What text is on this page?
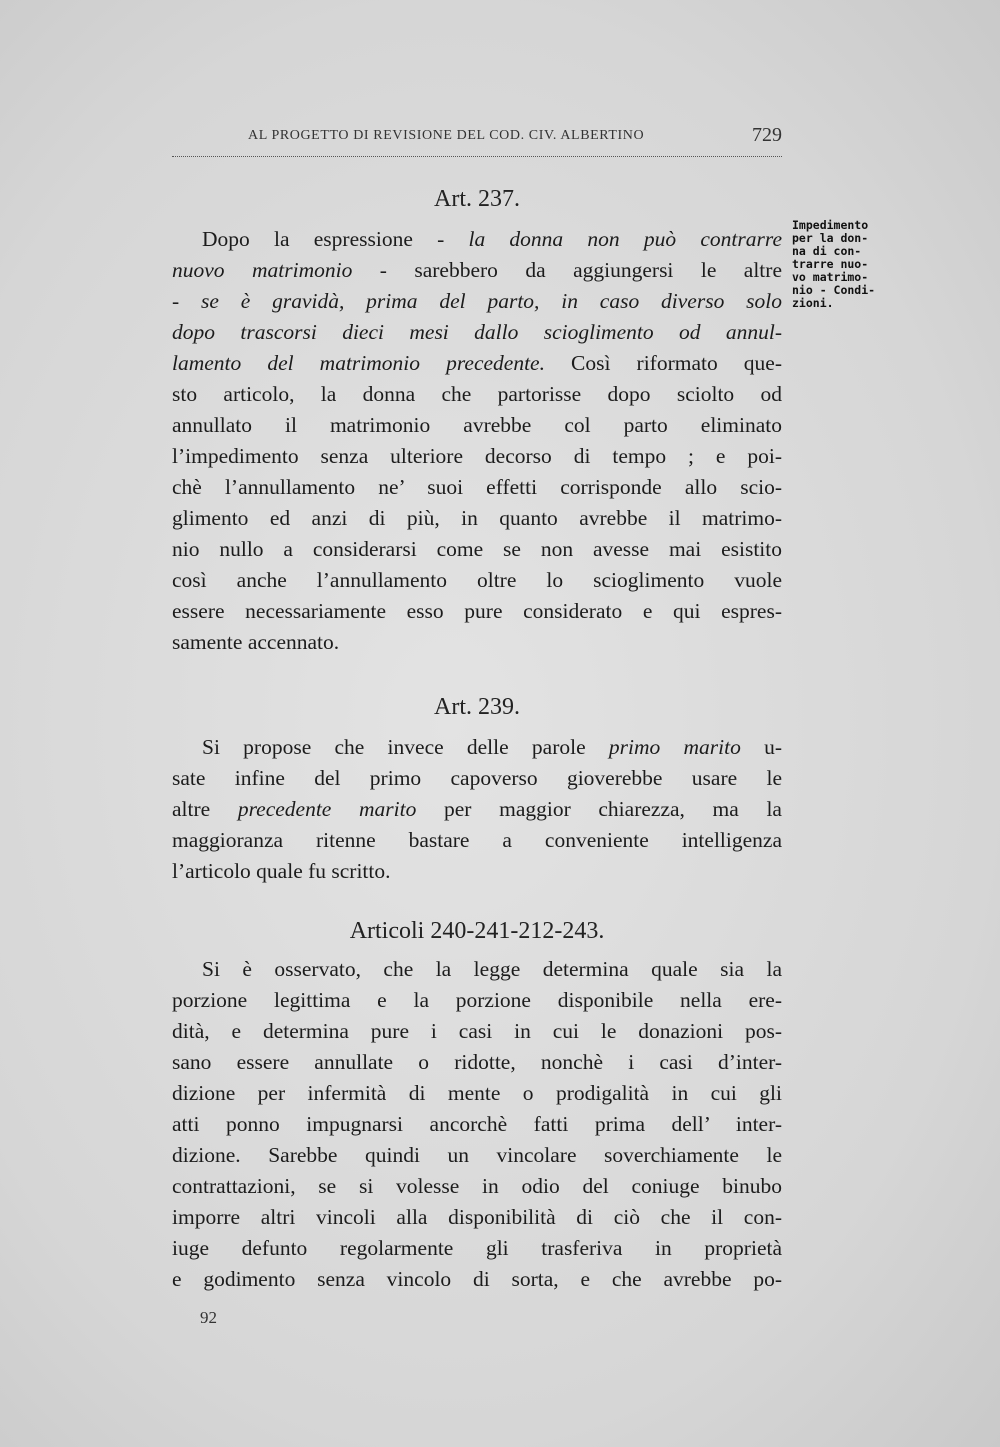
AL PROGETTO DI REVISIONE DEL COD. CIV. ALBERTINO	729
Art. 237.
Dopo la espressione - la donna non può contrarre
nuovo matrimonio - sarebbero da aggiungersi le altre
- se è gravidà, prima del parto, in caso diverso solo
dopo trascorsi dieci mesi dallo scioglimento od annul-
lamento del matrimonio precedente. Così riformato que-
sto articolo, la donna che partorisse dopo sciolto od
annullato il matrimonio avrebbe col parto eliminato
l’impedimento senza ulteriore decorso di tempo ; e poi-
chè l’annullamento ne’ suoi effetti corrisponde allo scio-
glimento ed anzi di più, in quanto avrebbe il matrimo-
nio nullo a considerarsi come se non avesse mai esistito
così anche l’annullamento oltre lo scioglimento vuole
essere necessariamente esso pure considerato e qui espres-
samente accennato.
Art. 239.
Si propose che invece delle parole primo marito u-
sate infine del primo capoverso gioverebbe usare le
altre precedente marito per maggior chiarezza, ma la
maggioranza ritenne bastare a conveniente intelligenza
l’articolo quale fu scritto.
Articoli 240-241-212-243.
Si è osservato, che la legge determina quale sia la
porzione legittima e la porzione disponibile nella ere-
dità, e determina pure i casi in cui le donazioni pos-
sano essere annullate o ridotte, nonchè i casi d’inter-
dizione per infermità di mente o prodigalità in cui gli
atti ponno impugnarsi ancorchè fatti prima dell’ inter-
dizione. Sarebbe quindi un vincolare soverchiamente le
contrattazioni, se si volesse in odio del coniuge binubo
imporre altri vincoli alla disponibilità di ciò che il con-
iuge defunto regolarmente gli trasferiva in proprietà
e godimento senza vincolo di sorta, e che avrebbe po-
Impedimento
per la don-
na di con-
trarre nuo-
vo matrimo-
nio - Condi-
zioni.
92
